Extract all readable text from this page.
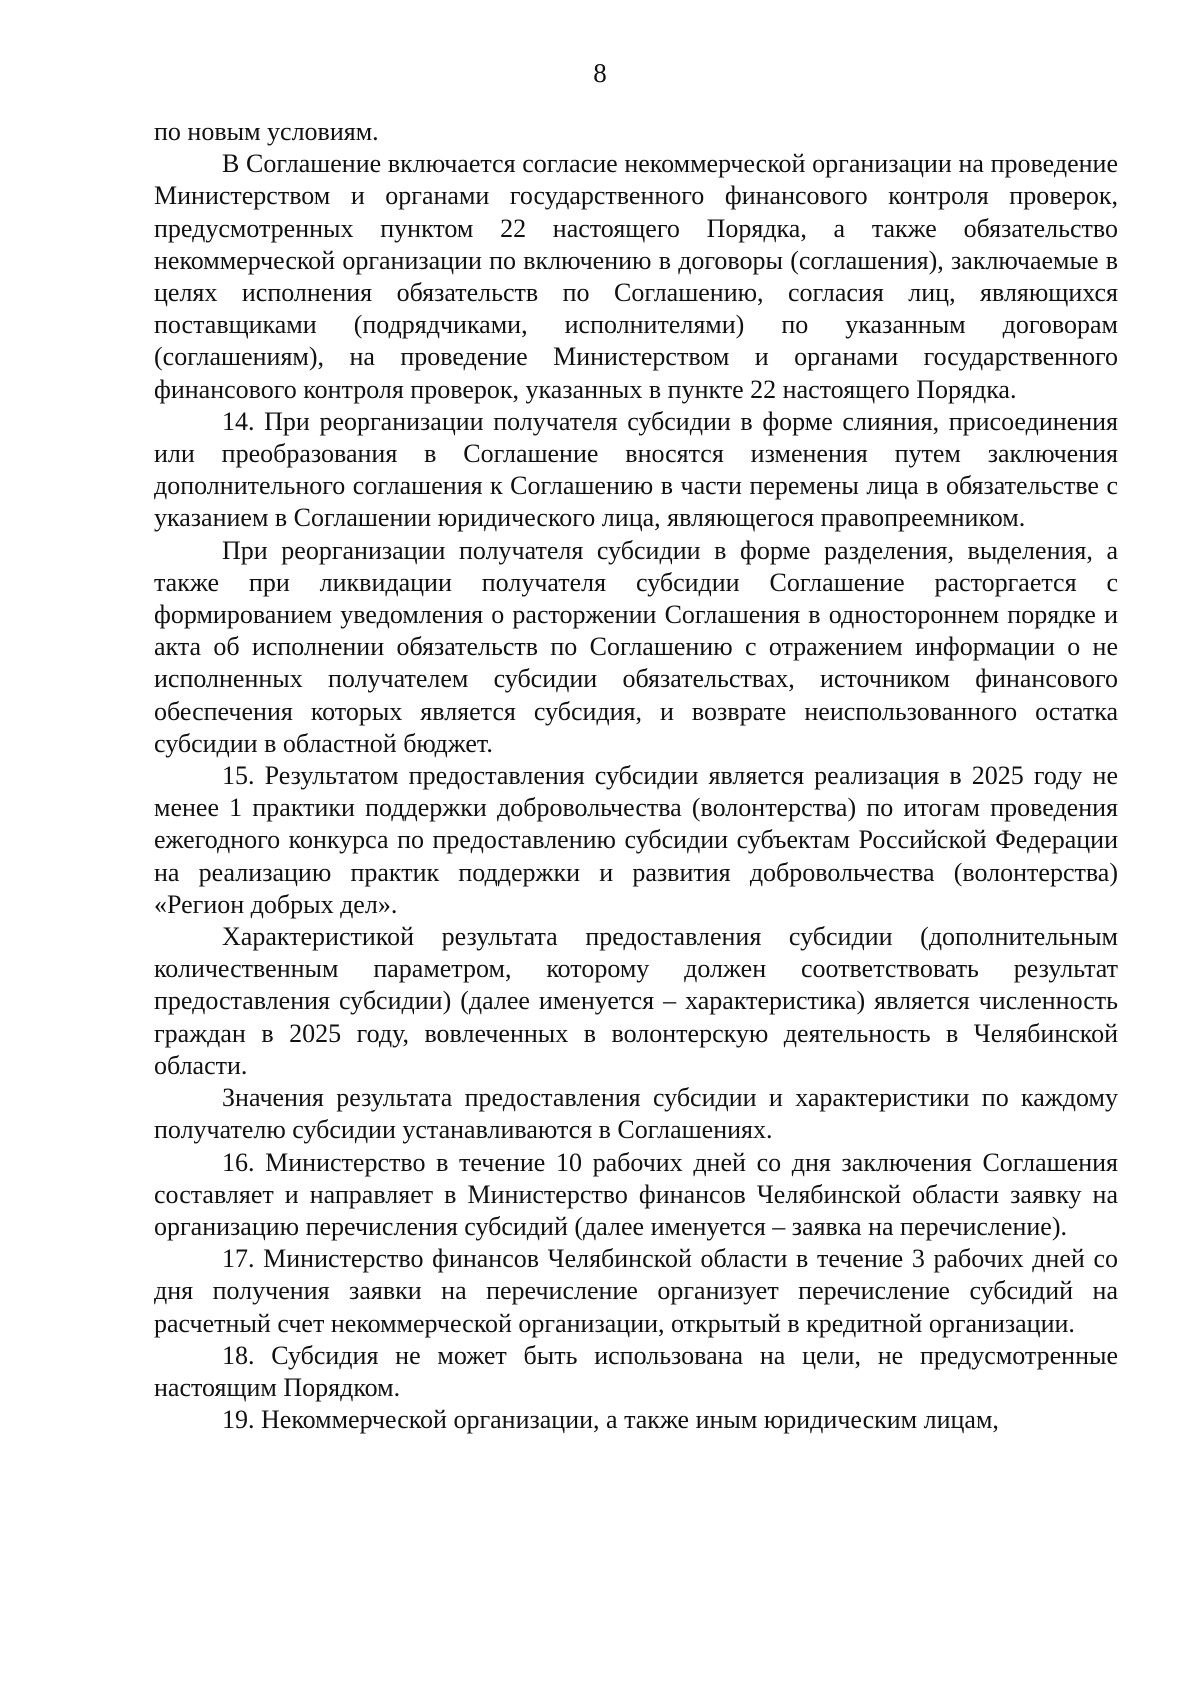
8

по новым условиям.

В Соглашение включается согласие некоммерческой организации на проведение Министерством и органами государственного финансового контроля проверок, предусмотренных пунктом 22 настоящего Порядка, а также обязательство некоммерческой организации по включению в договоры (соглашения), заключаемые в целях исполнения обязательств по Соглашению, согласия лиц, являющихся поставщиками (подрядчиками, исполнителями) по указанным договорам (соглашениям), на проведение Министерством и органами государственного финансового контроля проверок, указанных в пункте 22 настоящего Порядка.

14. При реорганизации получателя субсидии в форме слияния, присоединения или преобразования в Соглашение вносятся изменения путем заключения дополнительного соглашения к Соглашению в части перемены лица в обязательстве с указанием в Соглашении юридического лица, являющегося правопреемником.

При реорганизации получателя субсидии в форме разделения, выделения, а также при ликвидации получателя субсидии Соглашение расторгается с формированием уведомления о расторжении Соглашения в одностороннем порядке и акта об исполнении обязательств по Соглашению с отражением информации о не исполненных получателем субсидии обязательствах, источником финансового обеспечения которых является субсидия, и возврате неиспользованного остатка субсидии в областной бюджет.

15. Результатом предоставления субсидии является реализация в 2025 году не менее 1 практики поддержки добровольчества (волонтерства) по итогам проведения ежегодного конкурса по предоставлению субсидии субъектам Российской Федерации на реализацию практик поддержки и развития добровольчества (волонтерства) «Регион добрых дел».

Характеристикой результата предоставления субсидии (дополнительным количественным параметром, которому должен соответствовать результат предоставления субсидии) (далее именуется – характеристика) является численность граждан в 2025 году, вовлеченных в волонтерскую деятельность в Челябинской области.

Значения результата предоставления субсидии и характеристики по каждому получателю субсидии устанавливаются в Соглашениях.

16. Министерство в течение 10 рабочих дней со дня заключения Соглашения составляет и направляет в Министерство финансов Челябинской области заявку на организацию перечисления субсидий (далее именуется – заявка на перечисление).

17. Министерство финансов Челябинской области в течение 3 рабочих дней со дня получения заявки на перечисление организует перечисление субсидий на расчетный счет некоммерческой организации, открытый в кредитной организации.

18. Субсидия не может быть использована на цели, не предусмотренные настоящим Порядком.

19. Некоммерческой организации, а также иным юридическим лицам,
